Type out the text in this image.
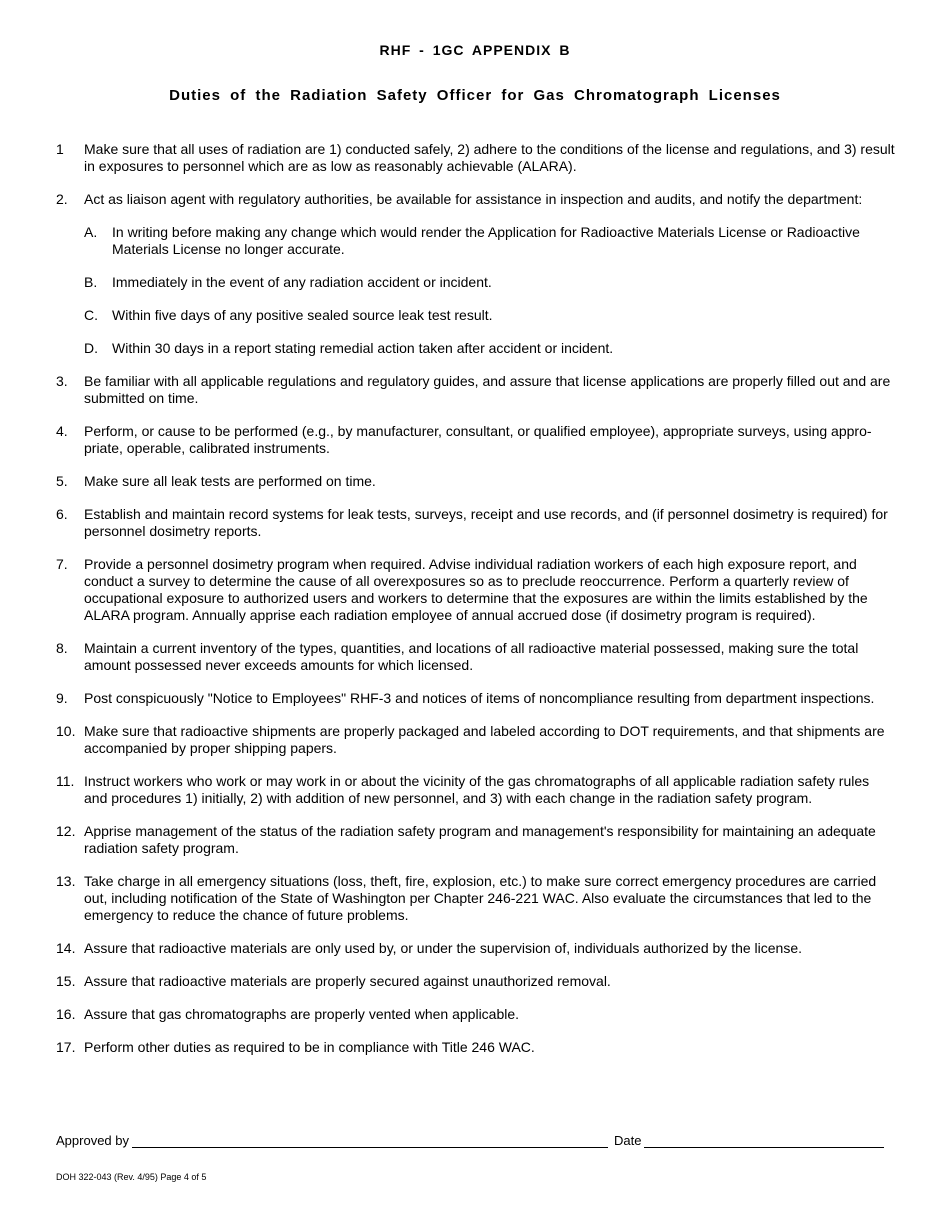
RHF - 1GC APPENDIX B
Duties of the Radiation Safety Officer for Gas Chromatograph Licenses
1 Make sure that all uses of radiation are 1) conducted safely, 2) adhere to the conditions of the license and regulations, and 3) result in exposures to personnel which are as low as reasonably achievable (ALARA).
2. Act as liaison agent with regulatory authorities, be available for assistance in inspection and audits, and notify the department:
A. In writing before making any change which would render the Application for Radioactive Materials License or Radioactive Materials License no longer accurate.
B. Immediately in the event of any radiation accident or incident.
C. Within five days of any positive sealed source leak test result.
D. Within 30 days in a report stating remedial action taken after accident or incident.
3. Be familiar with all applicable regulations and regulatory guides, and assure that license applications are properly filled out and are submitted on time.
4. Perform, or cause to be performed (e.g., by manufacturer, consultant, or qualified employee), appropriate surveys, using appro-priate, operable, calibrated instruments.
5. Make sure all leak tests are performed on time.
6. Establish and maintain record systems for leak tests, surveys, receipt and use records, and (if personnel dosimetry is required) for personnel dosimetry reports.
7. Provide a personnel dosimetry program when required. Advise individual radiation workers of each high exposure report, and conduct a survey to determine the cause of all overexposures so as to preclude reoccurrence. Perform a quarterly review of occupational exposure to authorized users and workers to determine that the exposures are within the limits established by the ALARA program. Annually apprise each radiation employee of annual accrued dose (if dosimetry program is required).
8. Maintain a current inventory of the types, quantities, and locations of all radioactive material possessed, making sure the total amount possessed never exceeds amounts for which licensed.
9. Post conspicuously "Notice to Employees" RHF-3 and notices of items of noncompliance resulting from department inspections.
10. Make sure that radioactive shipments are properly packaged and labeled according to DOT requirements, and that shipments are accompanied by proper shipping papers.
11. Instruct workers who work or may work in or about the vicinity of the gas chromatographs of all applicable radiation safety rules and procedures 1) initially, 2) with addition of new personnel, and 3) with each change in the radiation safety program.
12. Apprise management of the status of the radiation safety program and management's responsibility for maintaining an adequate radiation safety program.
13. Take charge in all emergency situations (loss, theft, fire, explosion, etc.) to make sure correct emergency procedures are carried out, including notification of the State of Washington per Chapter 246-221 WAC. Also evaluate the circumstances that led to the emergency to reduce the chance of future problems.
14. Assure that radioactive materials are only used by, or under the supervision of, individuals authorized by the license.
15. Assure that radioactive materials are properly secured against unauthorized removal.
16. Assure that gas chromatographs are properly vented when applicable.
17. Perform other duties as required to be in compliance with Title 246 WAC.
Approved by	Date
DOH 322-043 (Rev. 4/95) Page 4 of 5
